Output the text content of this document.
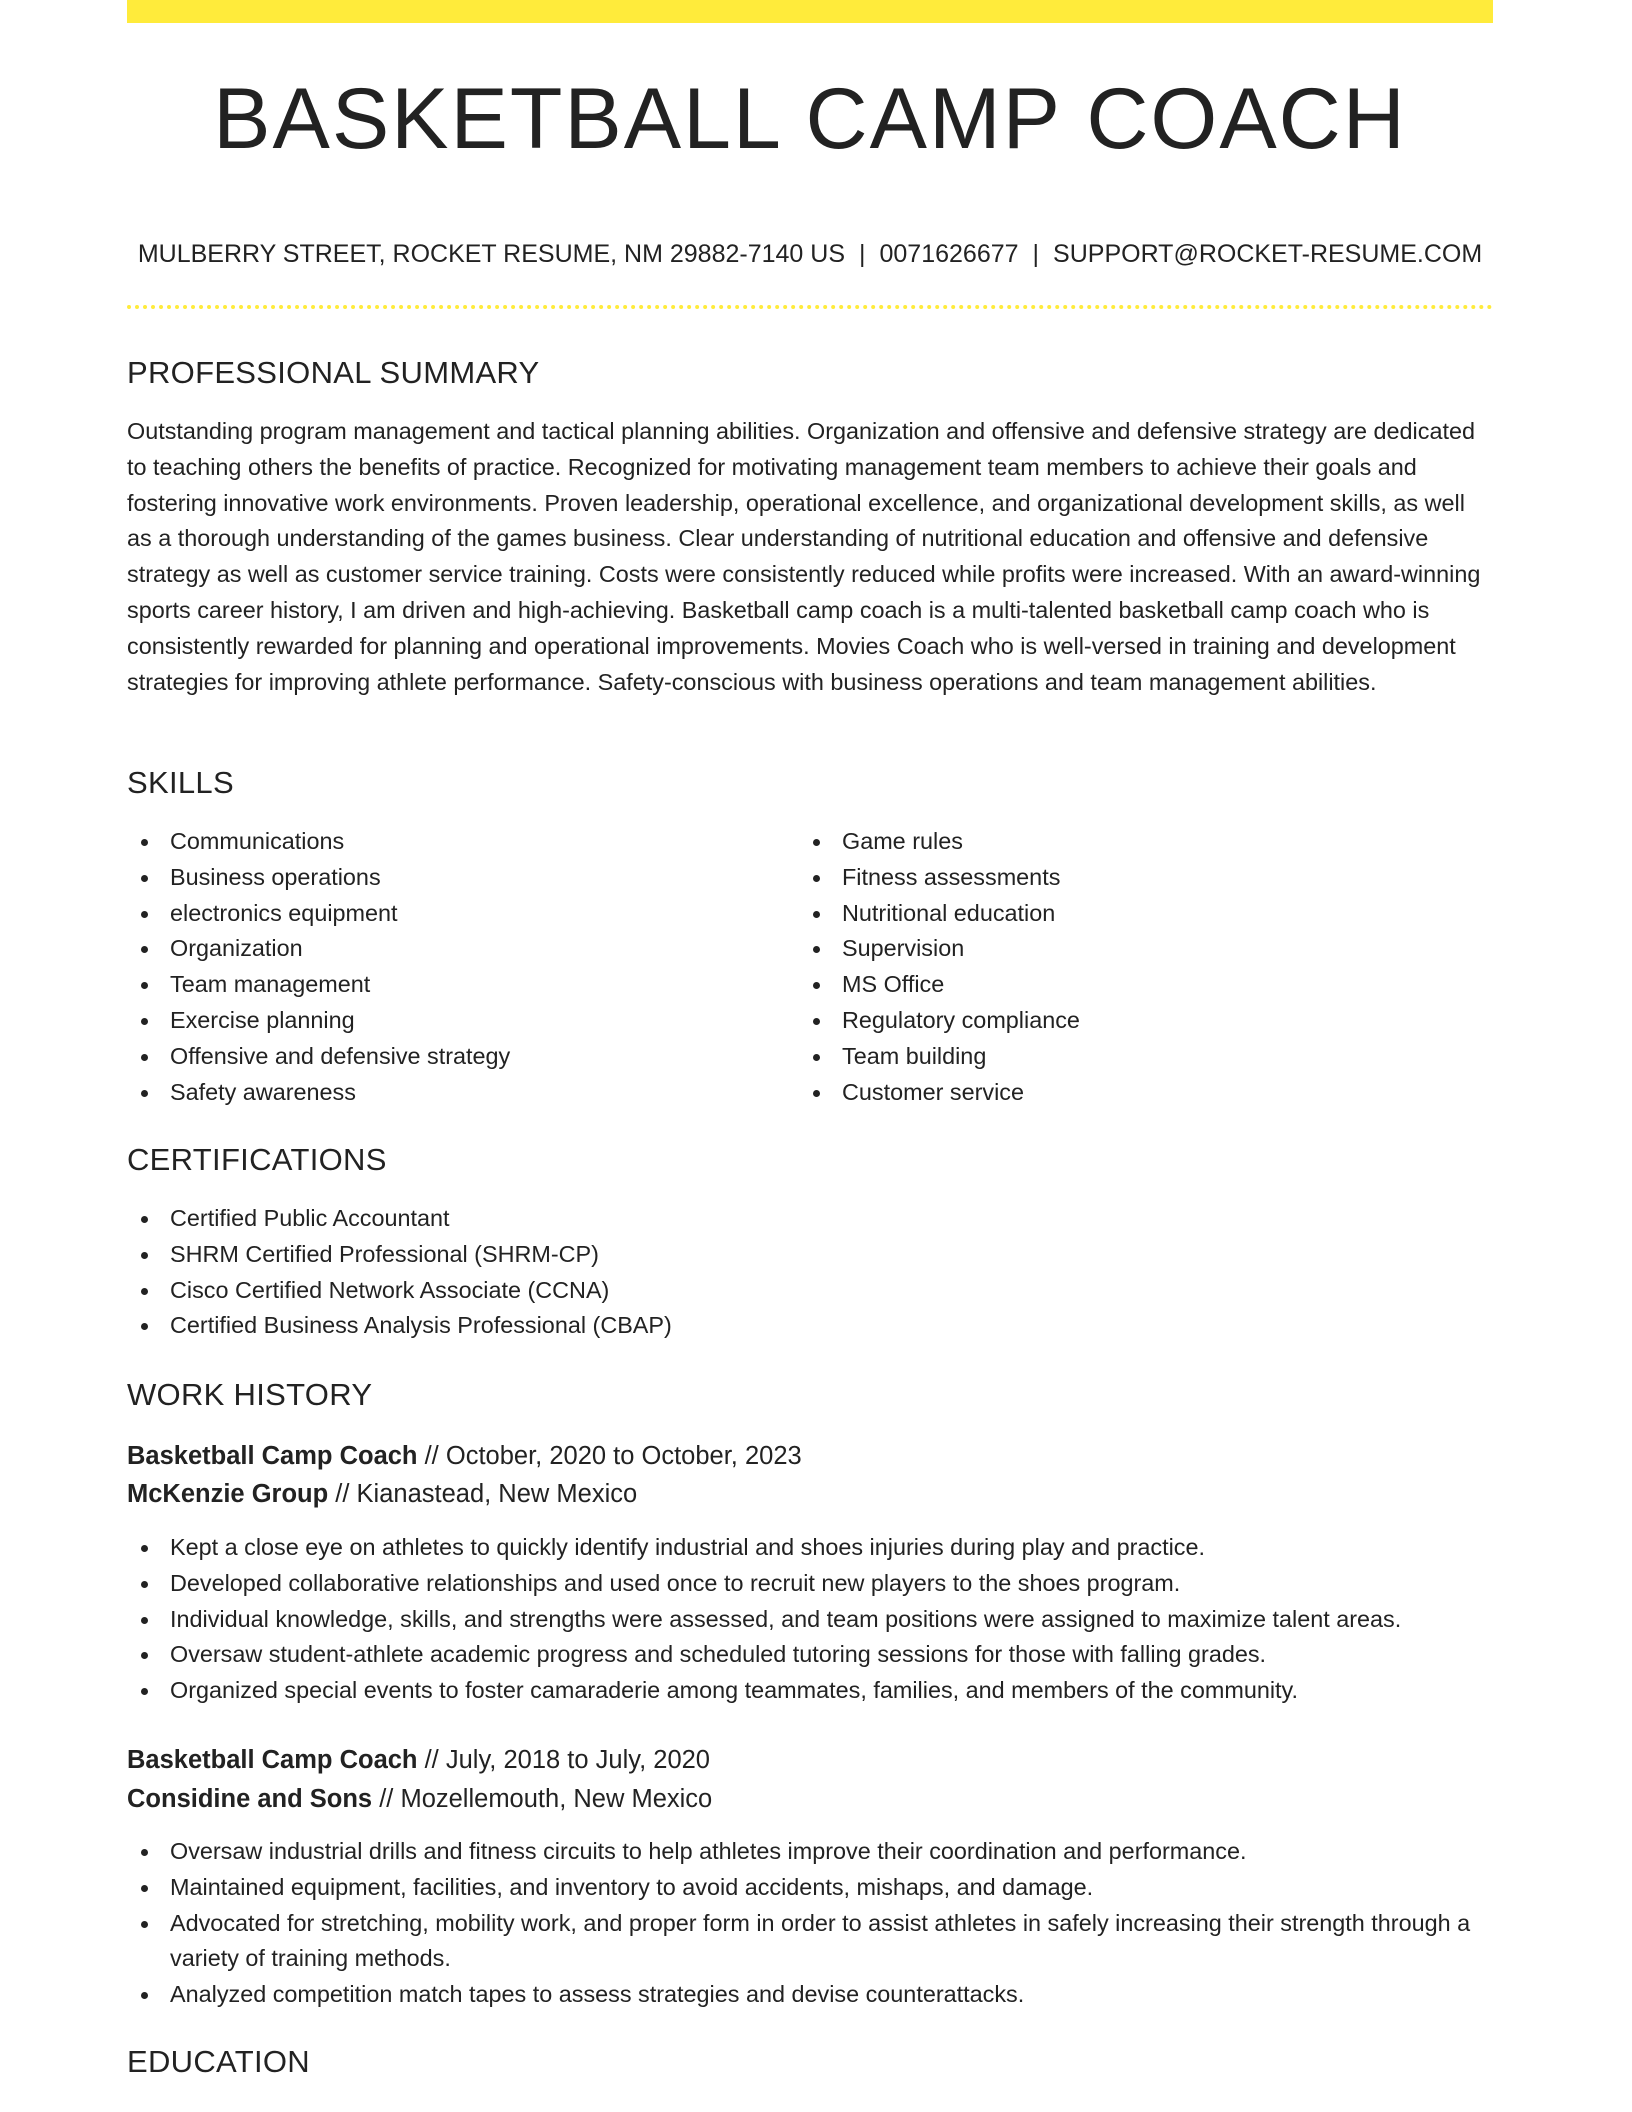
BASKETBALL CAMP COACH
MULBERRY STREET, ROCKET RESUME, NM 29882-7140 US | 0071626677 | SUPPORT@ROCKET-RESUME.COM
PROFESSIONAL SUMMARY

Outstanding program management and tactical planning abilities. Organization and offensive and defensive strategy are dedicated to teaching others the benefits of practice. Recognized for motivating management team members to achieve their goals and fostering innovative work environments. Proven leadership, operational excellence, and organizational development skills, as well as a thorough understanding of the games business. Clear understanding of nutritional education and offensive and defensive strategy as well as customer service training. Costs were consistently reduced while profits were increased. With an award-winning sports career history, I am driven and high-achieving. Basketball camp coach is a multi-talented basketball camp coach who is consistently rewarded for planning and operational improvements. Movies Coach who is well-versed in training and development strategies for improving athlete performance. Safety-conscious with business operations and team management abilities.

SKILLS
Communications
Business operations
electronics equipment
Organization
Team management
Exercise planning
Offensive and defensive strategy
Safety awareness
Game rules
Fitness assessments
Nutritional education
Supervision
MS Office
Regulatory compliance
Team building
Customer service
CERTIFICATIONS
Certified Public Accountant
SHRM Certified Professional (SHRM-CP)
Cisco Certified Network Associate (CCNA)
Certified Business Analysis Professional (CBAP)
WORK HISTORY
Basketball Camp Coach // October, 2020 to October, 2023
McKenzie Group // Kianastead, New Mexico
Kept a close eye on athletes to quickly identify industrial and shoes injuries during play and practice.
Developed collaborative relationships and used once to recruit new players to the shoes program.
Individual knowledge, skills, and strengths were assessed, and team positions were assigned to maximize talent areas.
Oversaw student-athlete academic progress and scheduled tutoring sessions for those with falling grades.
Organized special events to foster camaraderie among teammates, families, and members of the community.
Basketball Camp Coach // July, 2018 to July, 2020
Considine and Sons // Mozellemouth, New Mexico
Oversaw industrial drills and fitness circuits to help athletes improve their coordination and performance.
Maintained equipment, facilities, and inventory to avoid accidents, mishaps, and damage.
Advocated for stretching, mobility work, and proper form in order to assist athletes in safely increasing their strength through a variety of training methods.
Analyzed competition match tapes to assess strategies and devise counterattacks.
EDUCATION
